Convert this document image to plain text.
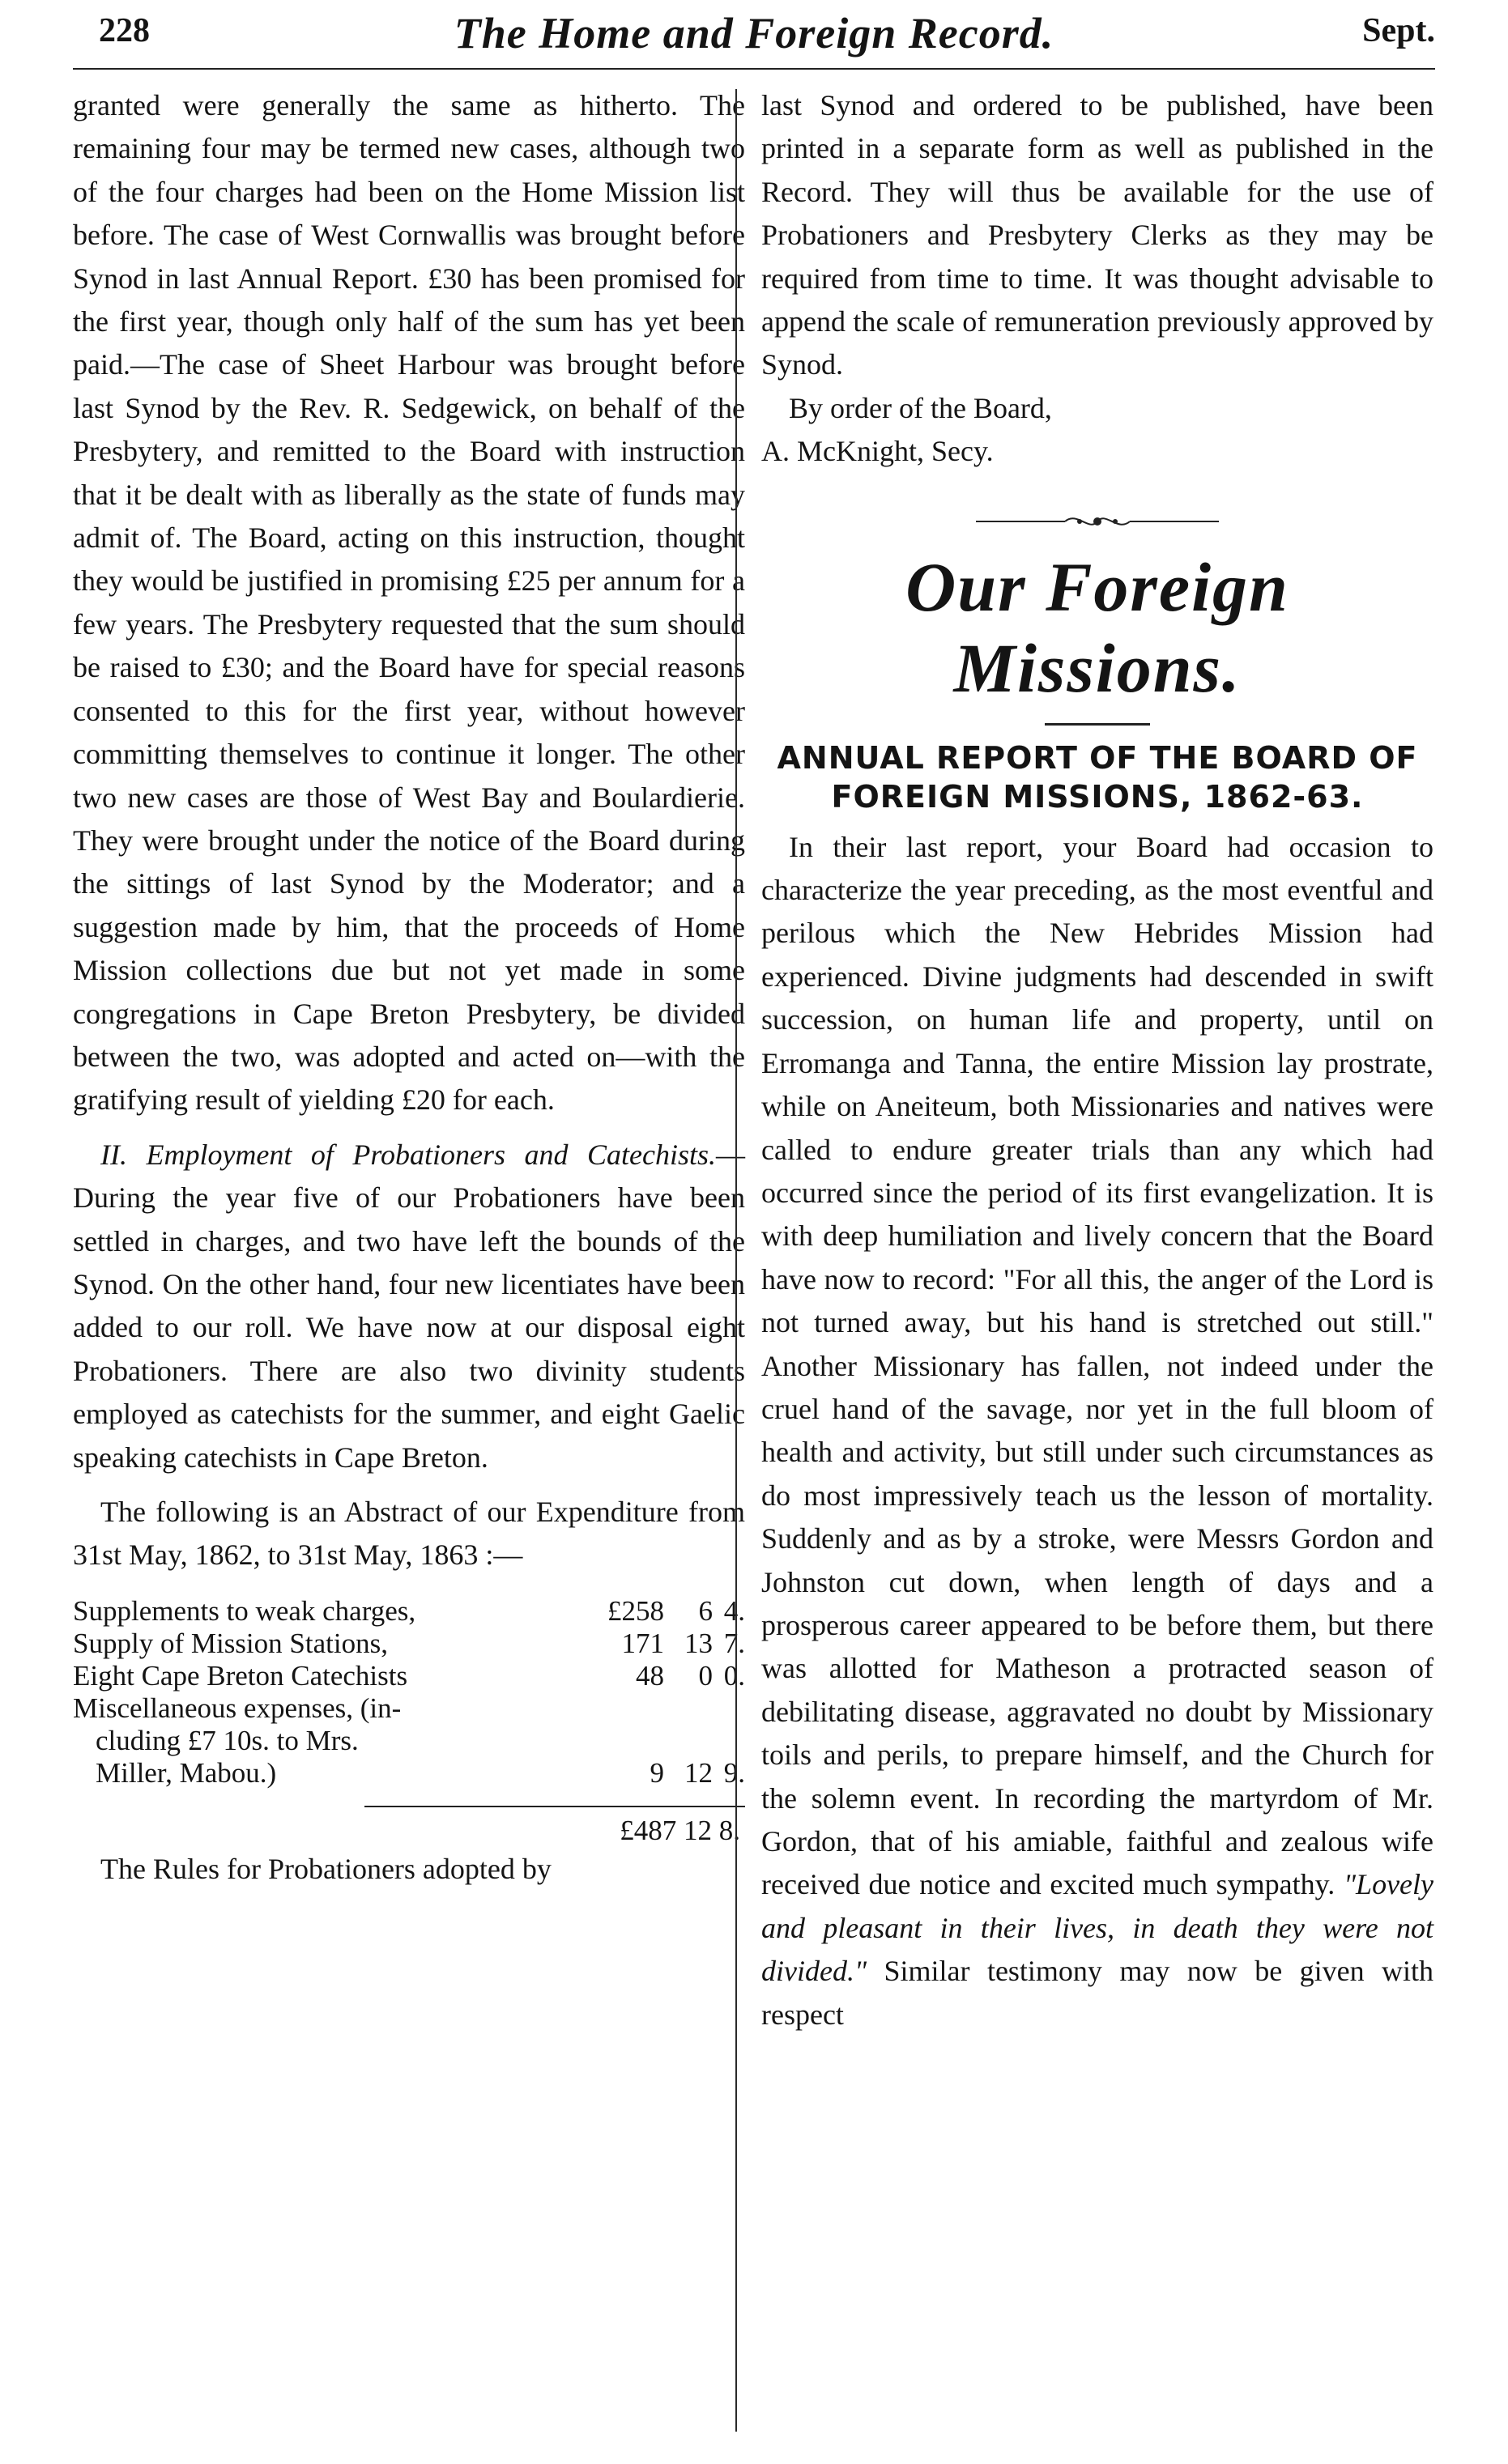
228	The Home and Foreign Record.	Sept.

granted were generally the same as hitherto. The remaining four may be termed new cases, although two of the four charges had been on the Home Mission list before. The case of West Cornwallis was brought before Synod in last Annual Report. £30 has been promised for the first year, though only half of the sum has yet been paid.—The case of Sheet Harbour was brought before last Synod by the Rev. R. Sedgewick, on behalf of the Presbytery, and remitted to the Board with instruction that it be dealt with as liberally as the state of funds may admit of. The Board, acting on this instruction, thought they would be justified in promising £25 per annum for a few years. The Presbytery requested that the sum should be raised to £30; and the Board have for special reasons consented to this for the first year, without however committing themselves to continue it longer. The other two new cases are those of West Bay and Boulardierie. They were brought under the notice of the Board during the sittings of last Synod by the Moderator; and a suggestion made by him, that the proceeds of Home Mission collections due but not yet made in some congregations in Cape Breton Presbytery, be divided between the two, was adopted and acted on—with the gratifying result of yielding £20 for each.

II. Employment of Probationers and Catechists.—During the year five of our Probationers have been settled in charges, and two have left the bounds of the Synod. On the other hand, four new licentiates have been added to our roll. We have now at our disposal eight Probationers. There are also two divinity students employed as catechists for the summer, and eight Gaelic speaking catechists in Cape Breton.

The following is an Abstract of our Expenditure from 31st May, 1862, to 31st May, 1863 :—

Supplements to weak charges,	£258	6	4.
Supply of Mission Stations,	171	13	7.
Eight Cape Breton Catechists	48	0	0.
Miscellaneous expenses, (in-			
cluding £7 10s. to Mrs.			
Miller, Mabou.)	9	12	9.
£487 12 8.

The Rules for Probationers adopted by

last Synod and ordered to be published, have been printed in a separate form as well as published in the Record. They will thus be available for the use of Probationers and Presbytery Clerks as they may be required from time to time. It was thought advisable to append the scale of remuneration previously approved by Synod.

By order of the Board,

A. McKnight, Secy.

Our Foreign Missions.
ANNUAL REPORT OF THE BOARD OF
FOREIGN MISSIONS, 1862-63.

In their last report, your Board had occasion to characterize the year preceding, as the most eventful and perilous which the New Hebrides Mission had experienced. Divine judgments had descended in swift succession, on human life and property, until on Erromanga and Tanna, the entire Mission lay prostrate, while on Aneiteum, both Missionaries and natives were called to endure greater trials than any which had occurred since the period of its first evangelization. It is with deep humiliation and lively concern that the Board have now to record: "For all this, the anger of the Lord is not turned away, but his hand is stretched out still." Another Missionary has fallen, not indeed under the cruel hand of the savage, nor yet in the full bloom of health and activity, but still under such circumstances as do most impressively teach us the lesson of mortality. Suddenly and as by a stroke, were Messrs Gordon and Johnston cut down, when length of days and a prosperous career appeared to be before them, but there was allotted for Matheson a protracted season of debilitating disease, aggravated no doubt by Missionary toils and perils, to prepare himself, and the Church for the solemn event. In recording the martyrdom of Mr. Gordon, that of his amiable, faithful and zealous wife received due notice and excited much sympathy. "Lovely and pleasant in their lives, in death they were not divided." Similar testimony may now be given with respect
